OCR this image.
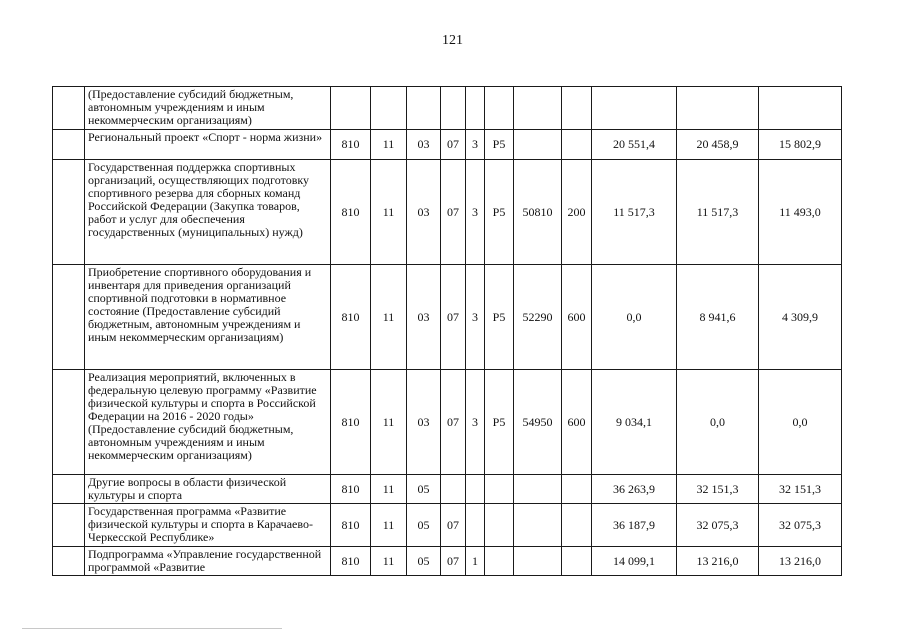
121
	(Предоставление субсидий бюджетным, автономным учреждениям и иным некоммерческим организациям)											
	Региональный проект «Спорт - норма жизни»	810	11	03	07	3	Р5			20 551,4	20 458,9	15 802,9
	Государственная поддержка спортивных организаций, осуществляющих подготовку спортивного резерва для сборных команд Российской Федерации (Закупка товаров, работ и услуг для обеспечения государственных (муниципальных) нужд)	810	11	03	07	3	Р5	50810	200	11 517,3	11 517,3	11 493,0
	Приобретение спортивного оборудования и инвентаря для приведения организаций спортивной подготовки в нормативное состояние (Предоставление субсидий бюджетным, автономным учреждениям и иным некоммерческим организациям)	810	11	03	07	3	Р5	52290	600	0,0	8 941,6	4 309,9
	Реализация мероприятий, включенных в федеральную целевую программу «Развитие физической культуры и спорта в Российской Федерации на 2016 - 2020 годы» (Предоставление субсидий бюджетным, автономным учреждениям и иным некоммерческим организациям)	810	11	03	07	3	Р5	54950	600	9 034,1	0,0	0,0
	Другие вопросы в области физической культуры и спорта	810	11	05						36 263,9	32 151,3	32 151,3
	Государственная программа «Развитие физической культуры и спорта в Карачаево-Черкесской Республике»	810	11	05	07					36 187,9	32 075,3	32 075,3
	Подпрограмма «Управление государственной программой «Развитие	810	11	05	07	1				14 099,1	13 216,0	13 216,0
